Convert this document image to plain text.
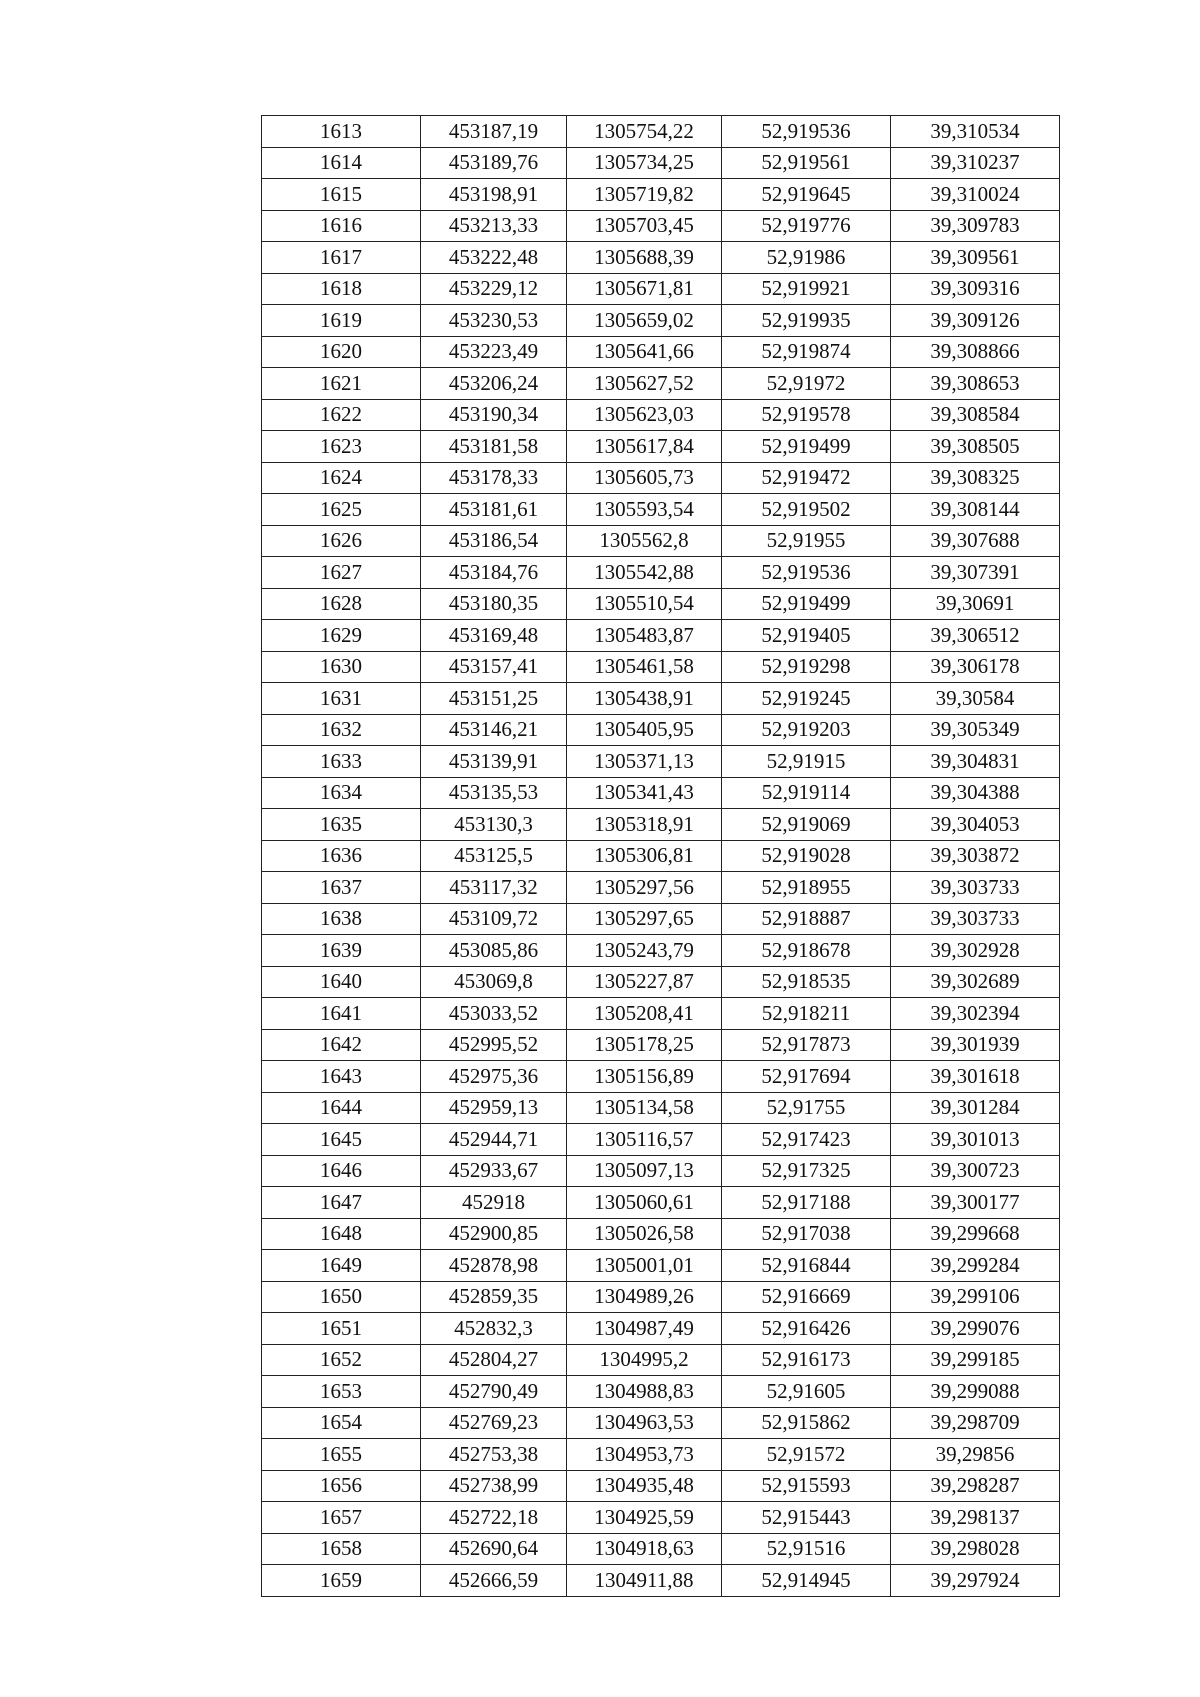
1613	453187,19	1305754,22	52,919536	39,310534
1614	453189,76	1305734,25	52,919561	39,310237
1615	453198,91	1305719,82	52,919645	39,310024
1616	453213,33	1305703,45	52,919776	39,309783
1617	453222,48	1305688,39	52,91986	39,309561
1618	453229,12	1305671,81	52,919921	39,309316
1619	453230,53	1305659,02	52,919935	39,309126
1620	453223,49	1305641,66	52,919874	39,308866
1621	453206,24	1305627,52	52,91972	39,308653
1622	453190,34	1305623,03	52,919578	39,308584
1623	453181,58	1305617,84	52,919499	39,308505
1624	453178,33	1305605,73	52,919472	39,308325
1625	453181,61	1305593,54	52,919502	39,308144
1626	453186,54	1305562,8	52,91955	39,307688
1627	453184,76	1305542,88	52,919536	39,307391
1628	453180,35	1305510,54	52,919499	39,30691
1629	453169,48	1305483,87	52,919405	39,306512
1630	453157,41	1305461,58	52,919298	39,306178
1631	453151,25	1305438,91	52,919245	39,30584
1632	453146,21	1305405,95	52,919203	39,305349
1633	453139,91	1305371,13	52,91915	39,304831
1634	453135,53	1305341,43	52,919114	39,304388
1635	453130,3	1305318,91	52,919069	39,304053
1636	453125,5	1305306,81	52,919028	39,303872
1637	453117,32	1305297,56	52,918955	39,303733
1638	453109,72	1305297,65	52,918887	39,303733
1639	453085,86	1305243,79	52,918678	39,302928
1640	453069,8	1305227,87	52,918535	39,302689
1641	453033,52	1305208,41	52,918211	39,302394
1642	452995,52	1305178,25	52,917873	39,301939
1643	452975,36	1305156,89	52,917694	39,301618
1644	452959,13	1305134,58	52,91755	39,301284
1645	452944,71	1305116,57	52,917423	39,301013
1646	452933,67	1305097,13	52,917325	39,300723
1647	452918	1305060,61	52,917188	39,300177
1648	452900,85	1305026,58	52,917038	39,299668
1649	452878,98	1305001,01	52,916844	39,299284
1650	452859,35	1304989,26	52,916669	39,299106
1651	452832,3	1304987,49	52,916426	39,299076
1652	452804,27	1304995,2	52,916173	39,299185
1653	452790,49	1304988,83	52,91605	39,299088
1654	452769,23	1304963,53	52,915862	39,298709
1655	452753,38	1304953,73	52,91572	39,29856
1656	452738,99	1304935,48	52,915593	39,298287
1657	452722,18	1304925,59	52,915443	39,298137
1658	452690,64	1304918,63	52,91516	39,298028
1659	452666,59	1304911,88	52,914945	39,297924
